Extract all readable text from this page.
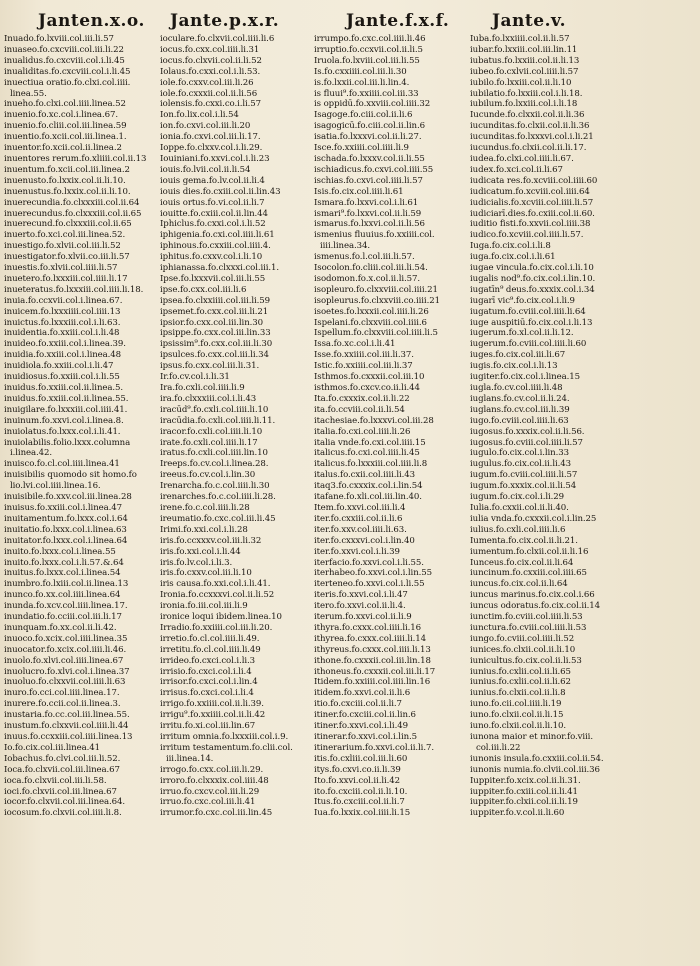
Janten.x.o.
Inuado.fo.lxviii.col.iii.li.57
inuaseo.fo.cxcviii.col.iii.li.22
inualidus.fo.cxcviii.col.i.li.45
inualiditas.fo.cxcviii.col.i.li.45
inuectiua oratio.fo.clxi.col.iiii.
linea.55.
inueho.fo.clxi.col.iiii.linea.52
inuenio.fo.xc.col.i.linea.67.
inuenio.fo.cliii.col.iii.linea.59
inuentio.fo.xcii.col.iii.linea.1.
inuentor.fo.xcii.col.ii.linea.2
inuentores rerum.fo.xliiii.col.ii.13
inuentum.fo.xcii.col.iii.linea.2
inuenusto.fo.lxxix.col.ii.li.10.
inuenustus.fo.lxxix.col.ii.li.10.
inuerecundia.fo.clxxxiii.col.ii.64
inuerecundus.fo.clxxxiii.col.ii.65
inuerecund.fo.clxxxiii.col.ii.65
inuerto.fo.xci.col.iii.linea.52.
inuestigo.fo.xlvii.col.iii.li.52
inuestigator.fo.xlvii.co.iii.li.57
inuestis.fo.xlvii.col.iiii.li.57
inuetero.fo.lxxxiii.col.iiii.li.17
inueteratus.fo.lxxxiii.col.iiii.li.18.
inuia.fo.ccxvii.col.i.linea.67.
inuicem.fo.lxxxiiii.col.iiii.13
inuictus.fo.lxxxiii.col.i.li.63.
inuidentia.fo.xxiii.col.i.li.48
inuideo.fo.xxiii.col.i.linea.39.
inuidia.fo.xxiii.col.i.linea.48
inuidiola.fo.xxiii.col.i.li.47
inuidiosus.fo.xxiii.col.i.li.55
inuidus.fo.xxiii.col.ii.linea.5.
inuidus.fo.xxiii.col.ii.linea.55.
inuigilare.fo.lxxxiii.col.iiii.41.
inuinum.fo.xxvi.col.i.linea.8.
inuiolatus.fo.lxxx.col.i.li.41.
inuiolabilis.folio.lxxx.columna
i.linea.42.
inuisco.fo.cl.col.iiii.linea.41
inuisibilis quomodo sit homo.fo
lio.lvi.col.iiii.linea.16.
inuisibile.fo.xxv.col.iii.linea.28
inuisus.fo.xxiii.col.i.linea.47
inuitamentum.fo.lxxx.col.i.64
inuitatio.fo.lxxx.col.i.linea.63
inuitator.fo.lxxx.col.i.linea.64
inuito.fo.lxxx.col.i.linea.55
inuito.fo.lxxx.col.i.li.57.&.64
inuitus.fo.lxxx.col.i.linea.54
inumbro.fo.lxiii.col.ii.linea.13
inunco.fo.xx.col.iiii.linea.64
inunda.fo.xcv.col.iiii.linea.17.
inundatio.fo.cciii.col.iii.li.17
inunquam.fo.xx.col.ii.li.42.
inuoco.fo.xcix.col.iiii.linea.35
inuocator.fo.xcix.col.iiii.li.46.
inuolo.fo.xlvi.col.iiii.linea.67
inuolucro.fo.xlvi.col.i.linea.37
inuoluo.fo.clxxvii.col.iiii.li.63
inuro.fo.cci.col.iiii.linea.17.
inurere.fo.ccii.col.ii.linea.3.
inustaria.fo.cc.col.iii.linea.55.
inustum.fo.clxxvii.col.iiii.li.44
inuus.fo.ccxxiii.col.iiii.linea.13
Io.fo.cix.col.iii.linea.41
Iobachus.fo.clvi.col.iii.li.52.
Ioca.fo.clxvii.col.iii.linea.67
ioca.fo.clxvii.col.iii.li.58.
ioci.fo.clxvii.col.iii.linea.67
iocor.fo.clxvii.col.iii.linea.64.
iocosum.fo.clxvii.col.iiii.li.8.
Jante.p.x.r.
ioculare.fo.clxvii.col.iiii.li.6
iocus.fo.cxx.col.iiii.li.31
iocus.fo.clxvii.col.ii.li.52
Iolaus.fo.cxxi.col.i.li.53.
iole.fo.cxxv.col.iii.li.26
iole.fo.cxxxii.col.ii.li.56
iolensis.fo.cxxi.co.i.li.57
Ion.fo.lix.col.i.li.54
ion.fo.cxvi.col.iii.li.20
ionia.fo.cxvi.col.iii.li.17.
Ioppe.fo.clxxv.col.i.li.29.
Iouiniani.fo.xxvi.col.i.li.23
iouis.fo.lvii.col.ii.li.54
iouis gema.fo.lv.col.ii.li.4
iouis dies.fo.cxiii.col.ii.lin.43
iouis ortus.fo.vi.col.ii.li.7
iouitte.fo.cxiii.col.ii.lin.44
Iphiclus.fo.cxxi.col.i.li.52
iphigenia.fo.cxi.col.iiii.li.61
iphinous.fo.cxxiii.col.iiii.4.
iphitus.fo.cxxv.col.i.li.10
iphianassa.fo.clxxxi.col.iii.1.
Ipse.fo.lxxxvii.col.iii.li.55
ipse.fo.cxx.col.iii.li.6
ipsea.fo.clxxiiii.col.iii.li.59
ipsemet.fo.cxx.col.iii.li.21
ipsior.fo.cxx.col.iii.lin.30
ipsippe.fo.cxx.col.iii.lin.33
ipsissim⁹.fo.cxx.col.iii.li.30
ipsulces.fo.cxx.col.iii.li.34
ipsus.fo.cxx.col.iii.li.31.
Ir.fo.cv.col.i.li.31
Ira.fo.cxli.col.iiii.li.9
ira.fo.clxxxiii.col.i.li.43
iracūd⁹.fo.cxli.col.iiii.li.10
iracūdia.fo.cxli.col.iiii.li.11.
iracor.fo.cxli.col.iiii.li.10
irate.fo.cxli.col.iiii.li.17
iratus.fo.cxli.col.iiii.lin.10
Ireeps.fo.cv.col.i.linea.28.
ireeus.fo.cv.col.i.lin.30
Irenarcha.fo.c.col.iiii.li.30
irenarches.fo.c.col.iiii.li.28.
irene.fo.c.col.iiii.li.28
ireumatio.fo.cxc.col.iii.li.45
Irimi.fo.xxi.col.i.li.28
iris.fo.ccxxxv.col.iii.li.32
iris.fo.xxi.col.i.li.44
iris.fo.lv.col.i.li.3.
iris.fo.cxxv.col.iii.li.10
iris causa.fo.xxi.col.i.li.41.
Ironia.fo.ccxxxvi.col.ii.li.52
ironia.fo.iii.col.iii.li.9
ironice loqui ibidem.linea.10
Irradio.fo.xxiiii.col.iii.li.20.
irretio.fo.cl.col.iiii.li.49.
irretitu.fo.cl.col.iiii.li.49
irrideo.fo.cxci.col.i.li.3
irrisio.fo.cxci.col.i.li.4
irrisor.fo.cxci.col.i.lin.4
irrisus.fo.cxci.col.i.li.4
irrigo.fo.xxiiii.col.ii.li.39.
irrigu⁹.fo.xxiiii.col.ii.li.42
irritu.fo.xi.col.iii.lin.67
irritum omnia.fo.lxxxiii.col.i.9.
irritum testamentum.fo.clii.col.
iii.linea.14.
irrogo.fo.cxx.col.iii.li.29.
irroro.fo.clxxxix.col.iiii.48
irruo.fo.cxcv.col.iii.li.29
irruo.fo.cxc.col.iii.li.41
irrumor.fo.cxc.col.iii.lin.45
Jante.f.x.f.
irrumpo.fo.cxc.col.iiii.li.46
irruptio.fo.ccxvii.col.ii.li.5
Iruola.fo.lxviii.col.iii.li.55
Is.fo.cxxiiii.col.iii.li.30
is.fo.lxxii.col.iii.li.lin.4.
is fluui⁹.fo.xxiiii.col.iii.33
is oppidū.fo.xxviii.col.iiii.32
Isagoge.fo.ciii.col.ii.li.6
isagogicū.fo.ciii.col.ii.lin.6
isatia.fo.lxxxvi.col.ii.li.27.
Isce.fo.xxiiii.col.iiii.li.9
ischada.fo.lxxxv.col.ii.li.55
ischiadicus.fo.cxvi.col.iiii.55
ischias.fo.cxvi.col.iiii.li.57
Isis.fo.cix.col.iiii.li.61
Ismara.fo.lxxvi.col.i.li.61
ismari⁹.fo.lxxvi.col.ii.li.59
ismarus.fo.lxxvi.col.ii.li.56
ismenius fluuius.fo.xxiiii.col.
iiii.linea.34.
ismenus.fo.l.col.iii.li.57.
Isocolon.fo.cliii.col.iii.li.54.
isodomon.fo.x.col.ii.li.57.
isopleuro.fo.clxxviii.col.iiii.21
isopleurus.fo.clxxviii.co.iiii.21
isoetes.fo.lxxxii.col.iiii.li.26
Ispelani.fo.clxxviii.col.iiii.6
Ispellum.fo.clxxviii.col.iiii.li.5
Issa.fo.xc.col.i.li.41
Isse.fo.xxiiii.col.iii.li.37.
Istic.fo.xxiiii.col.iii.li.37
Isthmos.fo.cxxxii.col.iii.10
isthmos.fo.cxcv.co.ii.li.44
Ita.fo.cxxxix.col.ii.li.22
ita.fo.ccviii.col.ii.li.54
itachesiae.fo.lxxxvi.col.iii.28
italia.fo.cxi.col.iiii.li.26
italia vnde.fo.cxi.col.iiii.15
italicus.fo.cxi.col.iiii.li.45
italicus.fo.lxxxiii.col.iiii.li.8
italus.fo.cxii.col.iiii.li.43
itaq3.fo.cxxxix.col.i.lin.54
itafane.fo.xli.col.iii.lin.40.
Item.fo.xxvi.col.iii.li.4
iter.fo.cxxiii.col.ii.li.6
iter.fo.xxv.col.iiii.li.63.
iter.fo.cxxxvi.col.i.lin.40
iter.fo.xxvi.col.i.li.39
iterfacio.fo.xxvi.col.i.li.55.
iterhabeo.fo.xxvi.col.i.lin.55
iterteneo.fo.xxvi.col.i.li.55
iteris.fo.xxvi.col.i.li.47
itero.fo.xxvi.col.ii.li.4.
iterum.fo.xxvi.col.ii.li.9
ithyra.fo.cxxx.col.iiii.li.16
ithyrea.fo.cxxx.col.iiii.li.14
ithyreus.fo.cxxx.col.iiii.li.13
ithone.fo.cxxxii.col.iii.lin.18
ithoneus.fo.cxxxii.col.iii.li.17
Itidem.fo.xxiiii.col.iiii.lin.16
itidem.fo.xxvi.col.ii.li.6
itio.fo.cxciii.col.ii.li.7
itiner.fo.cxciii.col.ii.lin.6
itiner.fo.xxvi.col.i.li.49
itinerar.fo.xxvi.col.i.lin.5
itinerarium.fo.xxvi.col.ii.li.7.
itis.fo.cxliii.col.iii.li.60
itys.fo.cxvi.co.ii.li.39
Ito.fo.xxvi.col.ii.li.42
ito.fo.cxciii.col.ii.li.10.
Itus.fo.cxciii.col.ii.li.7
Iua.fo.lxxix.col.iiii.li.15
Jante.v.
Iuba.fo.lxxiiii.col.ii.li.57
iubar.fo.lxxiii.col.iii.lin.11
iubatus.fo.lxxiii.col.ii.li.13
iubeo.fo.cxlvii.col.iiii.li.57
iubilo.fo.lxxiii.col.ii.li.10
iubilatio.fo.lxxiii.col.i.li.18.
iubilum.fo.lxxiii.col.i.li.18
Iucunde.fo.clxxii.col.ii.li.36
iucunditas.fo.clxii.col.ii.li.36
iucunditas.fo.lxxxvi.col.i.li.21
iucundus.fo.clxii.col.ii.li.17.
iudea.fo.clxi.col.iiii.li.67.
iudex.fo.xci.col.ii.li.67
iudicata res.fo.xcviii.col.iiii.60
iudicatum.fo.xcviii.col.iiii.64
iudicialis.fo.xcviii.col.iiii.li.57
iudiciarī.dies.fo.cxiii.col.ii.60.
iuditio fisti.fo.xxvii.col.iiii.38
iudico.fo.xcviii.col.iiii.li.57.
Iuga.fo.cix.col.i.li.8
iuga.fo.cix.col.i.li.61
iugae vincula.fo.cix.col.i.li.10
iugalis nod⁹.fo.cix.col.i.lin.10.
iugatīn⁹ deus.fo.xxxix.col.i.34
iugarī vic⁹.fo.cix.col.i.li.9
iugatum.fo.cviii.col.iiii.li.64
iuge auspitiū.fo.cix.col.i.li.13
iugerum.fo.xl.col.ii.li.12.
iugerum.fo.cviii.col.iiii.li.60
iuges.fo.cix.col.iii.li.67
iugis.fo.cix.col.i.li.13
iugiter.fo.cix.col.i.linea.15
iugla.fo.cv.col.iiii.li.48
iuglans.fo.cv.col.ii.li.24.
iuglans.fo.cv.col.iii.li.39
iugo.fo.cviii.col.iiii.li.63
iugosus.fo.xxxix.col.ii.li.56.
iugosus.fo.cviii.col.iiii.li.57
iugulo.fo.cix.col.i.lin.33
iugulus.fo.cix.col.ii.li.43
iugum.fo.cviii.col.iiii.li.57
iugum.fo.xxxix.col.ii.li.54
iugum.fo.cix.col.i.li.29
Iulia.fo.cxxii.col.ii.li.40.
iulia vnda.fo.cxxxii.col.i.lin.25
iulius.fo.cxli.col.iiii.li.6
Iumenta.fo.cix.col.ii.li.21.
iumentum.fo.clxii.col.ii.li.16
Iunceus.fo.cix.col.ii.li.64
iuncinum.fo.cxxiii.col.iiii.65
iuncus.fo.cix.col.ii.li.64
iuncus marinus.fo.cix.col.i.66
iuncus odoratus.fo.cix.col.ii.14
iunctim.fo.cviii.col.iiii.li.53
iunctura.fo.cviii.col.iiii.li.53
iungo.fo.cviii.col.iiii.li.52
iunices.fo.clxii.col.ii.li.10
iunicultus.fo.cix.col.ii.li.53
iunius.fo.cxlii.col.ii.li.65
iunius.fo.cxlii.col.ii.li.62
iunius.fo.clxii.col.ii.li.8
iuno.fo.cii.col.iiii.li.19
iuno.fo.clxii.col.ii.li.15
iuno.fo.clxii.col.ii.li.10.
iunona maior et minor.fo.viii.
col.iii.li.22
iunonis insula.fo.cxxiii.col.ii.54.
iunonis numia.fo.clvii.col.iii.36
Iuppiter.fo.xcix.col.ii.li.31.
iuppiter.fo.cxiii.col.ii.li.41
iuppiter.fo.clxii.col.ii.li.19
iuppiter.fo.v.col.ii.li.60
